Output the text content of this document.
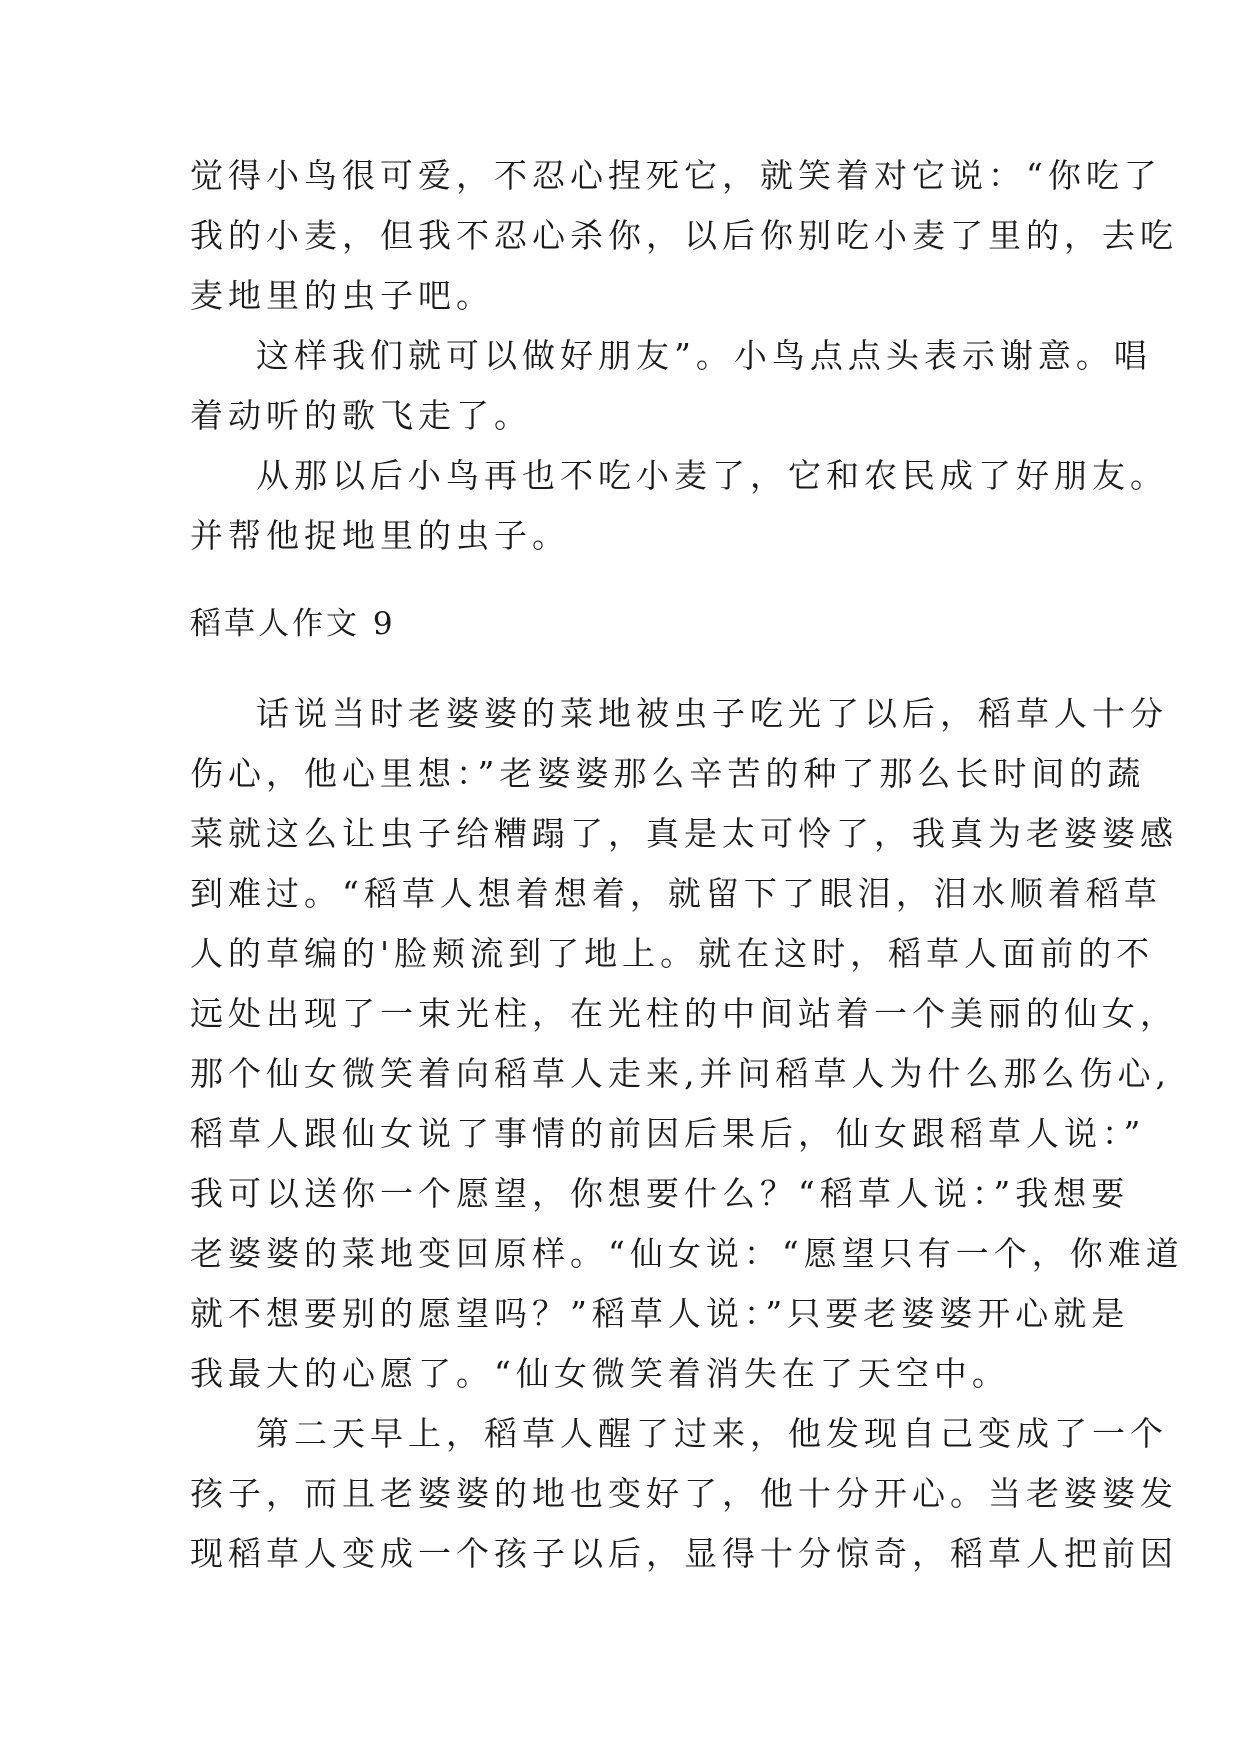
觉得小鸟很可爱，不忍心捏死它，就笑着对它说：“你吃了
我的小麦，但我不忍心杀你，以后你别吃小麦了里的，去吃
麦地里的虫子吧。
这样我们就可以做好朋友”。小鸟点点头表示谢意。唱
着动听的歌飞走了。
从那以后小鸟再也不吃小麦了，它和农民成了好朋友。
并帮他捉地里的虫子。
稻草人作文 9
话说当时老婆婆的菜地被虫子吃光了以后，稻草人十分
伤心，他心里想：”老婆婆那么辛苦的种了那么长时间的蔬
菜就这么让虫子给糟蹋了，真是太可怜了，我真为老婆婆感
到难过。“稻草人想着想着，就留下了眼泪，泪水顺着稻草
人的草编的'脸颊流到了地上。就在这时，稻草人面前的不
远处出现了一束光柱，在光柱的中间站着一个美丽的仙女，
那个仙女微笑着向稻草人走来,并问稻草人为什么那么伤心,
稻草人跟仙女说了事情的前因后果后，仙女跟稻草人说：”
我可以送你一个愿望，你想要什么？“稻草人说：”我想要
老婆婆的菜地变回原样。“仙女说：“愿望只有一个，你难道
就不想要别的愿望吗？”稻草人说：”只要老婆婆开心就是
我最大的心愿了。“仙女微笑着消失在了天空中。
第二天早上，稻草人醒了过来，他发现自己变成了一个
孩子，而且老婆婆的地也变好了，他十分开心。当老婆婆发
现稻草人变成一个孩子以后，显得十分惊奇，稻草人把前因
